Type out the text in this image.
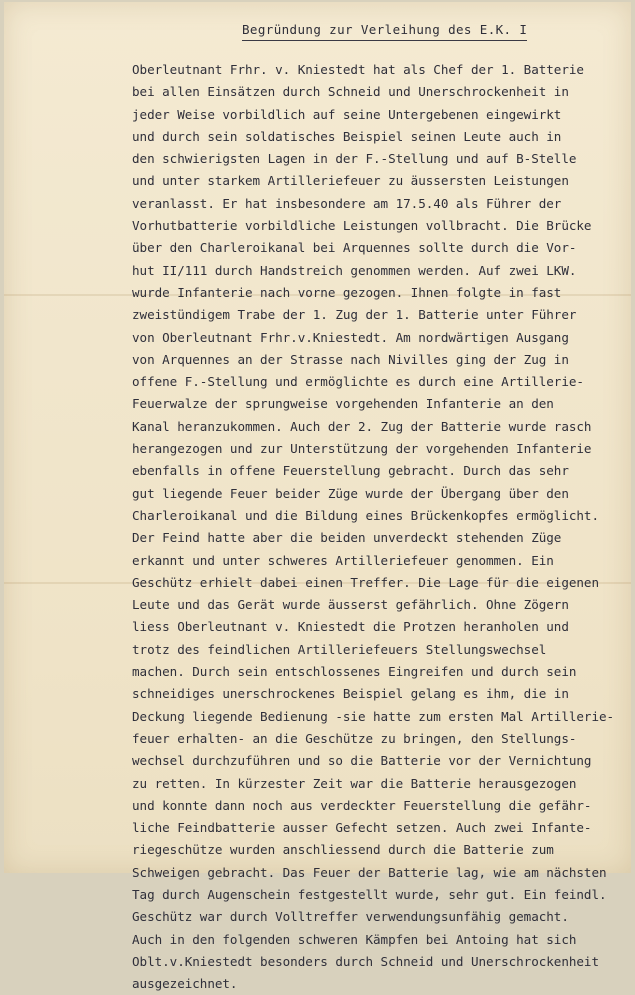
Begründung zur Verleihung des E.K. I
Oberleutnant Frhr. v. Kniestedt hat als Chef der 1. Batterie
bei allen Einsätzen durch Schneid und Unerschrockenheit in
jeder Weise vorbildlich auf seine Untergebenen eingewirkt
und durch sein soldatisches Beispiel seinen Leute auch in
den schwierigsten Lagen in der F.-Stellung und auf B-Stelle
und unter starkem Artilleriefeuer zu äussersten Leistungen
veranlasst. Er hat insbesondere am 17.5.40 als Führer der
Vorhutbatterie vorbildliche Leistungen vollbracht. Die Brücke
über den Charleroikanal bei Arquennes sollte durch die Vor-
hut II/111 durch Handstreich genommen werden. Auf zwei LKW.
wurde Infanterie nach vorne gezogen. Ihnen folgte in fast
zweistündigem Trabe der 1. Zug der 1. Batterie unter Führer
von Oberleutnant Frhr.v.Kniestedt. Am nordwärtigen Ausgang
von Arquennes an der Strasse nach Nivilles ging der Zug in
offene F.-Stellung und ermöglichte es durch eine Artillerie-
Feuerwalze der sprungweise vorgehenden Infanterie an den
Kanal heranzukommen. Auch der 2. Zug der Batterie wurde rasch
herangezogen und zur Unterstützung der vorgehenden Infanterie
ebenfalls in offene Feuerstellung gebracht. Durch das sehr
gut liegende Feuer beider Züge wurde der Übergang über den
Charleroikanal und die Bildung eines Brückenkopfes ermöglicht.
Der Feind hatte aber die beiden unverdeckt stehenden Züge
erkannt und unter schweres Artilleriefeuer genommen. Ein
Geschütz erhielt dabei einen Treffer. Die Lage für die eigenen
Leute und das Gerät wurde äusserst gefährlich. Ohne Zögern
liess Oberleutnant v. Kniestedt die Protzen heranholen und
trotz des feindlichen Artilleriefeuers Stellungswechsel
machen. Durch sein entschlossenes Eingreifen und durch sein
schneidiges unerschrockenes Beispiel gelang es ihm, die in
Deckung liegende Bedienung -sie hatte zum ersten Mal Artillerie-
feuer erhalten- an die Geschütze zu bringen, den Stellungs-
wechsel durchzuführen und so die Batterie vor der Vernichtung
zu retten. In kürzester Zeit war die Batterie herausgezogen
und konnte dann noch aus verdeckter Feuerstellung die gefähr-
liche Feindbatterie ausser Gefecht setzen. Auch zwei Infante-
riegeschütze wurden anschliessend durch die Batterie zum
Schweigen gebracht. Das Feuer der Batterie lag, wie am nächsten
Tag durch Augenschein festgestellt wurde, sehr gut. Ein feindl.
Geschütz war durch Volltreffer verwendungsunfähig gemacht.
Auch in den folgenden schweren Kämpfen bei Antoing hat sich
Oblt.v.Kniestedt besonders durch Schneid und Unerschrockenheit
ausgezeichnet.
